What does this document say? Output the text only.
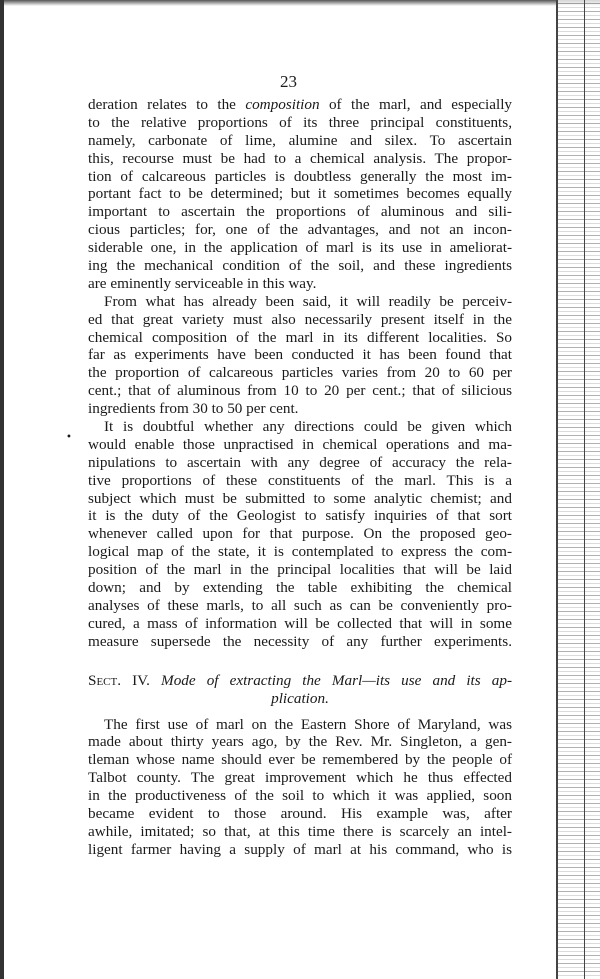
23
•
deration relates to the composition of the marl, and especially
to the relative proportions of its three principal constituents,
namely, carbonate of lime, alumine and silex. To ascertain
this, recourse must be had to a chemical analysis. The propor-
tion of calcareous particles is doubtless generally the most im-
portant fact to be determined; but it sometimes becomes equally
important to ascertain the proportions of aluminous and sili-
cious particles; for, one of the advantages, and not an incon-
siderable one, in the application of marl is its use in ameliorat-
ing the mechanical condition of the soil, and these ingredients
are eminently serviceable in this way.
From what has already been said, it will readily be perceiv-
ed that great variety must also necessarily present itself in the
chemical composition of the marl in its different localities. So
far as experiments have been conducted it has been found that
the proportion of calcareous particles varies from 20 to 60 per
cent.; that of aluminous from 10 to 20 per cent.; that of silicious
ingredients from 30 to 50 per cent.
It is doubtful whether any directions could be given which
would enable those unpractised in chemical operations and ma-
nipulations to ascertain with any degree of accuracy the rela-
tive proportions of these constituents of the marl. This is a
subject which must be submitted to some analytic chemist; and
it is the duty of the Geologist to satisfy inquiries of that sort
whenever called upon for that purpose. On the proposed geo-
logical map of the state, it is contemplated to express the com-
position of the marl in the principal localities that will be laid
down; and by extending the table exhibiting the chemical
analyses of these marls, to all such as can be conveniently pro-
cured, a mass of information will be collected that will in some
measure supersede the necessity of any further experiments.
Sect. IV. Mode of extracting the Marl—its use and its ap-
plication.
The first use of marl on the Eastern Shore of Maryland, was
made about thirty years ago, by the Rev. Mr. Singleton, a gen-
tleman whose name should ever be remembered by the people of
Talbot county. The great improvement which he thus effected
in the productiveness of the soil to which it was applied, soon
became evident to those around. His example was, after
awhile, imitated; so that, at this time there is scarcely an intel-
ligent farmer having a supply of marl at his command, who is
